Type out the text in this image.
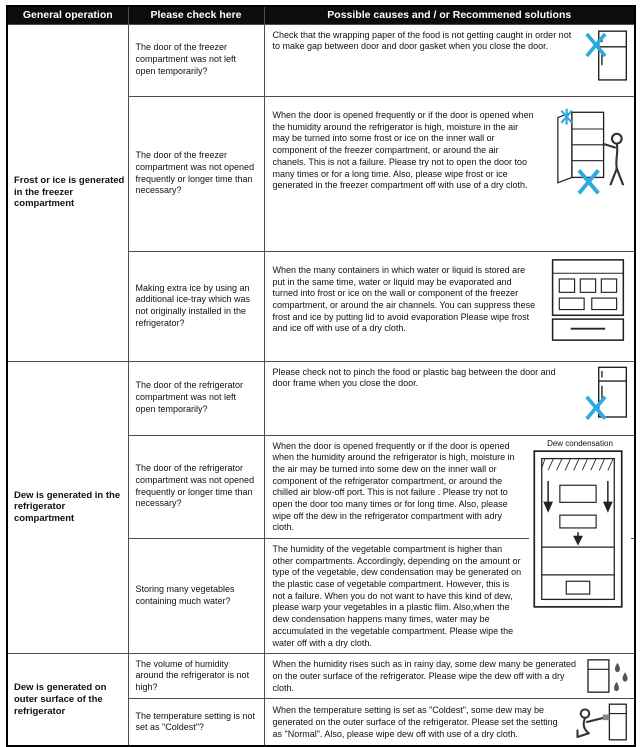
General operation	Please check here	Possible causes and / or Recommened solutions
Frost or ice is generated in the freezer compartment	The door of the freezer compartment was not left open temporarily?	Check that the wrapping paper of the food is not getting caught in order not to make gap between door and door gasket when you close the door.

	The door of the freezer compartment was not opened frequently or longer time than necessary?	When the door is opened frequently or if the door is opened when the humidity around the refrigerator is high, moisture in the air may be turned into some frost or ice on the inner wall or component of the freezer compartment, or around the air chanels. This is not a failure. Please try not to open the door too many times or for a long time. Also, please wipe frost or ice generated in the freezer compartment off with use of a dry cloth.

	Making extra ice by using an additional ice-tray which was not originally installed in the refrigerator?	When the many containers in which water or liquid is stored are put in the same time, water or liquid may be evaporated and turned into frost or ice on the wall or component of the freezer compartment, or around the air channels. You can suppress these frost and ice by putting lid to avoid evaporation Please wipe frost and ice off with use of a dry cloth.

Dew is generated in the refrigerator compartment	The door of the refrigerator compartment was not left open temporarily?	Please check not to pinch the food or plastic bag between the door and door frame when you close the door.

	The door of the refrigerator compartment was not opened frequently or longer time than necessary?	When the door is opened frequently or if the door is opened when the humidity around the refrigerator is high, moisture in the air may be turned into some dew on the inner wall or component of the refrigerator compartment, or around the chilled air blow-off port. This is not failure . Please try not to open the door too many times or for long time. Also, please wipe off the dew in the refrigerator compartment with adry cloth.
Dew condensation

	Storing many vegetables containing much water?	The humidity of the vegetable compartment is higher than other compartments. Accordingly, depending on the amount or type of the vegetable, dew condensation may be generated on the plastic case of vegetable compartment. However, this is not a failure. When you do not want to have this kind of dew, please warp your vegetables in a plastic flim. Also,when the dew condensation happens many times, water may be accumulated in the vegetable compartment. Please wipe the water off with a dry cloth.

Dew is generated on outer surface of the refrigerator	The volume of humidity around the refrigerator is not high?	When the humidity rises such as in rainy day, some dew many be generated on the outer surface of the refrigerator. Please wipe the dew off with a dry cloth.

	The temperature setting is not set as "Coldest"?	When the temperature setting is set as "Coldest", some dew may be generated on the outer surface of the refrigerator. Please set the setting as "Normal". Also, please wipe dew off with use of a dry cloth.
